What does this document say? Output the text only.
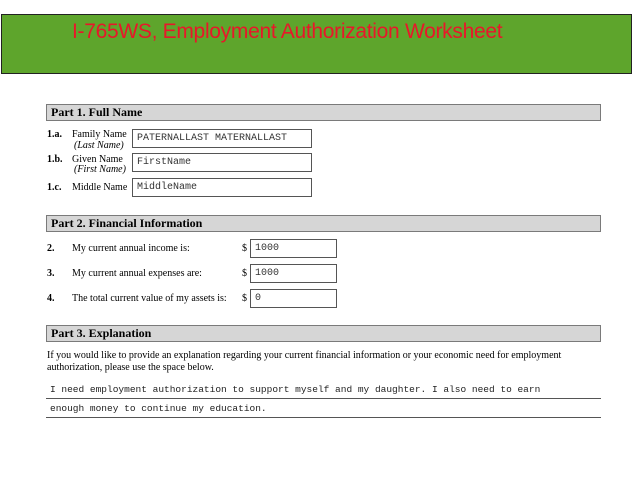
I-765WS, Employment Authorization Worksheet
Part 1. Full Name
1.a. Family Name
(Last Name)
PATERNALLAST MATERNALLAST
1.b. Given Name
(First Name)
FirstName
1.c. Middle Name MiddleName
Part 2. Financial Information
2. My current annual income is:	$ 1000
3. My current annual expenses are:	$ 1000
4. The total current value of my assets is: $ 0
Part 3. Explanation
If you would like to provide an explanation regarding your current financial information or your economic need for employment authorization, please use the space below.
I need employment authorization to support myself and my daughter. I also need to earn
enough money to continue my education.
